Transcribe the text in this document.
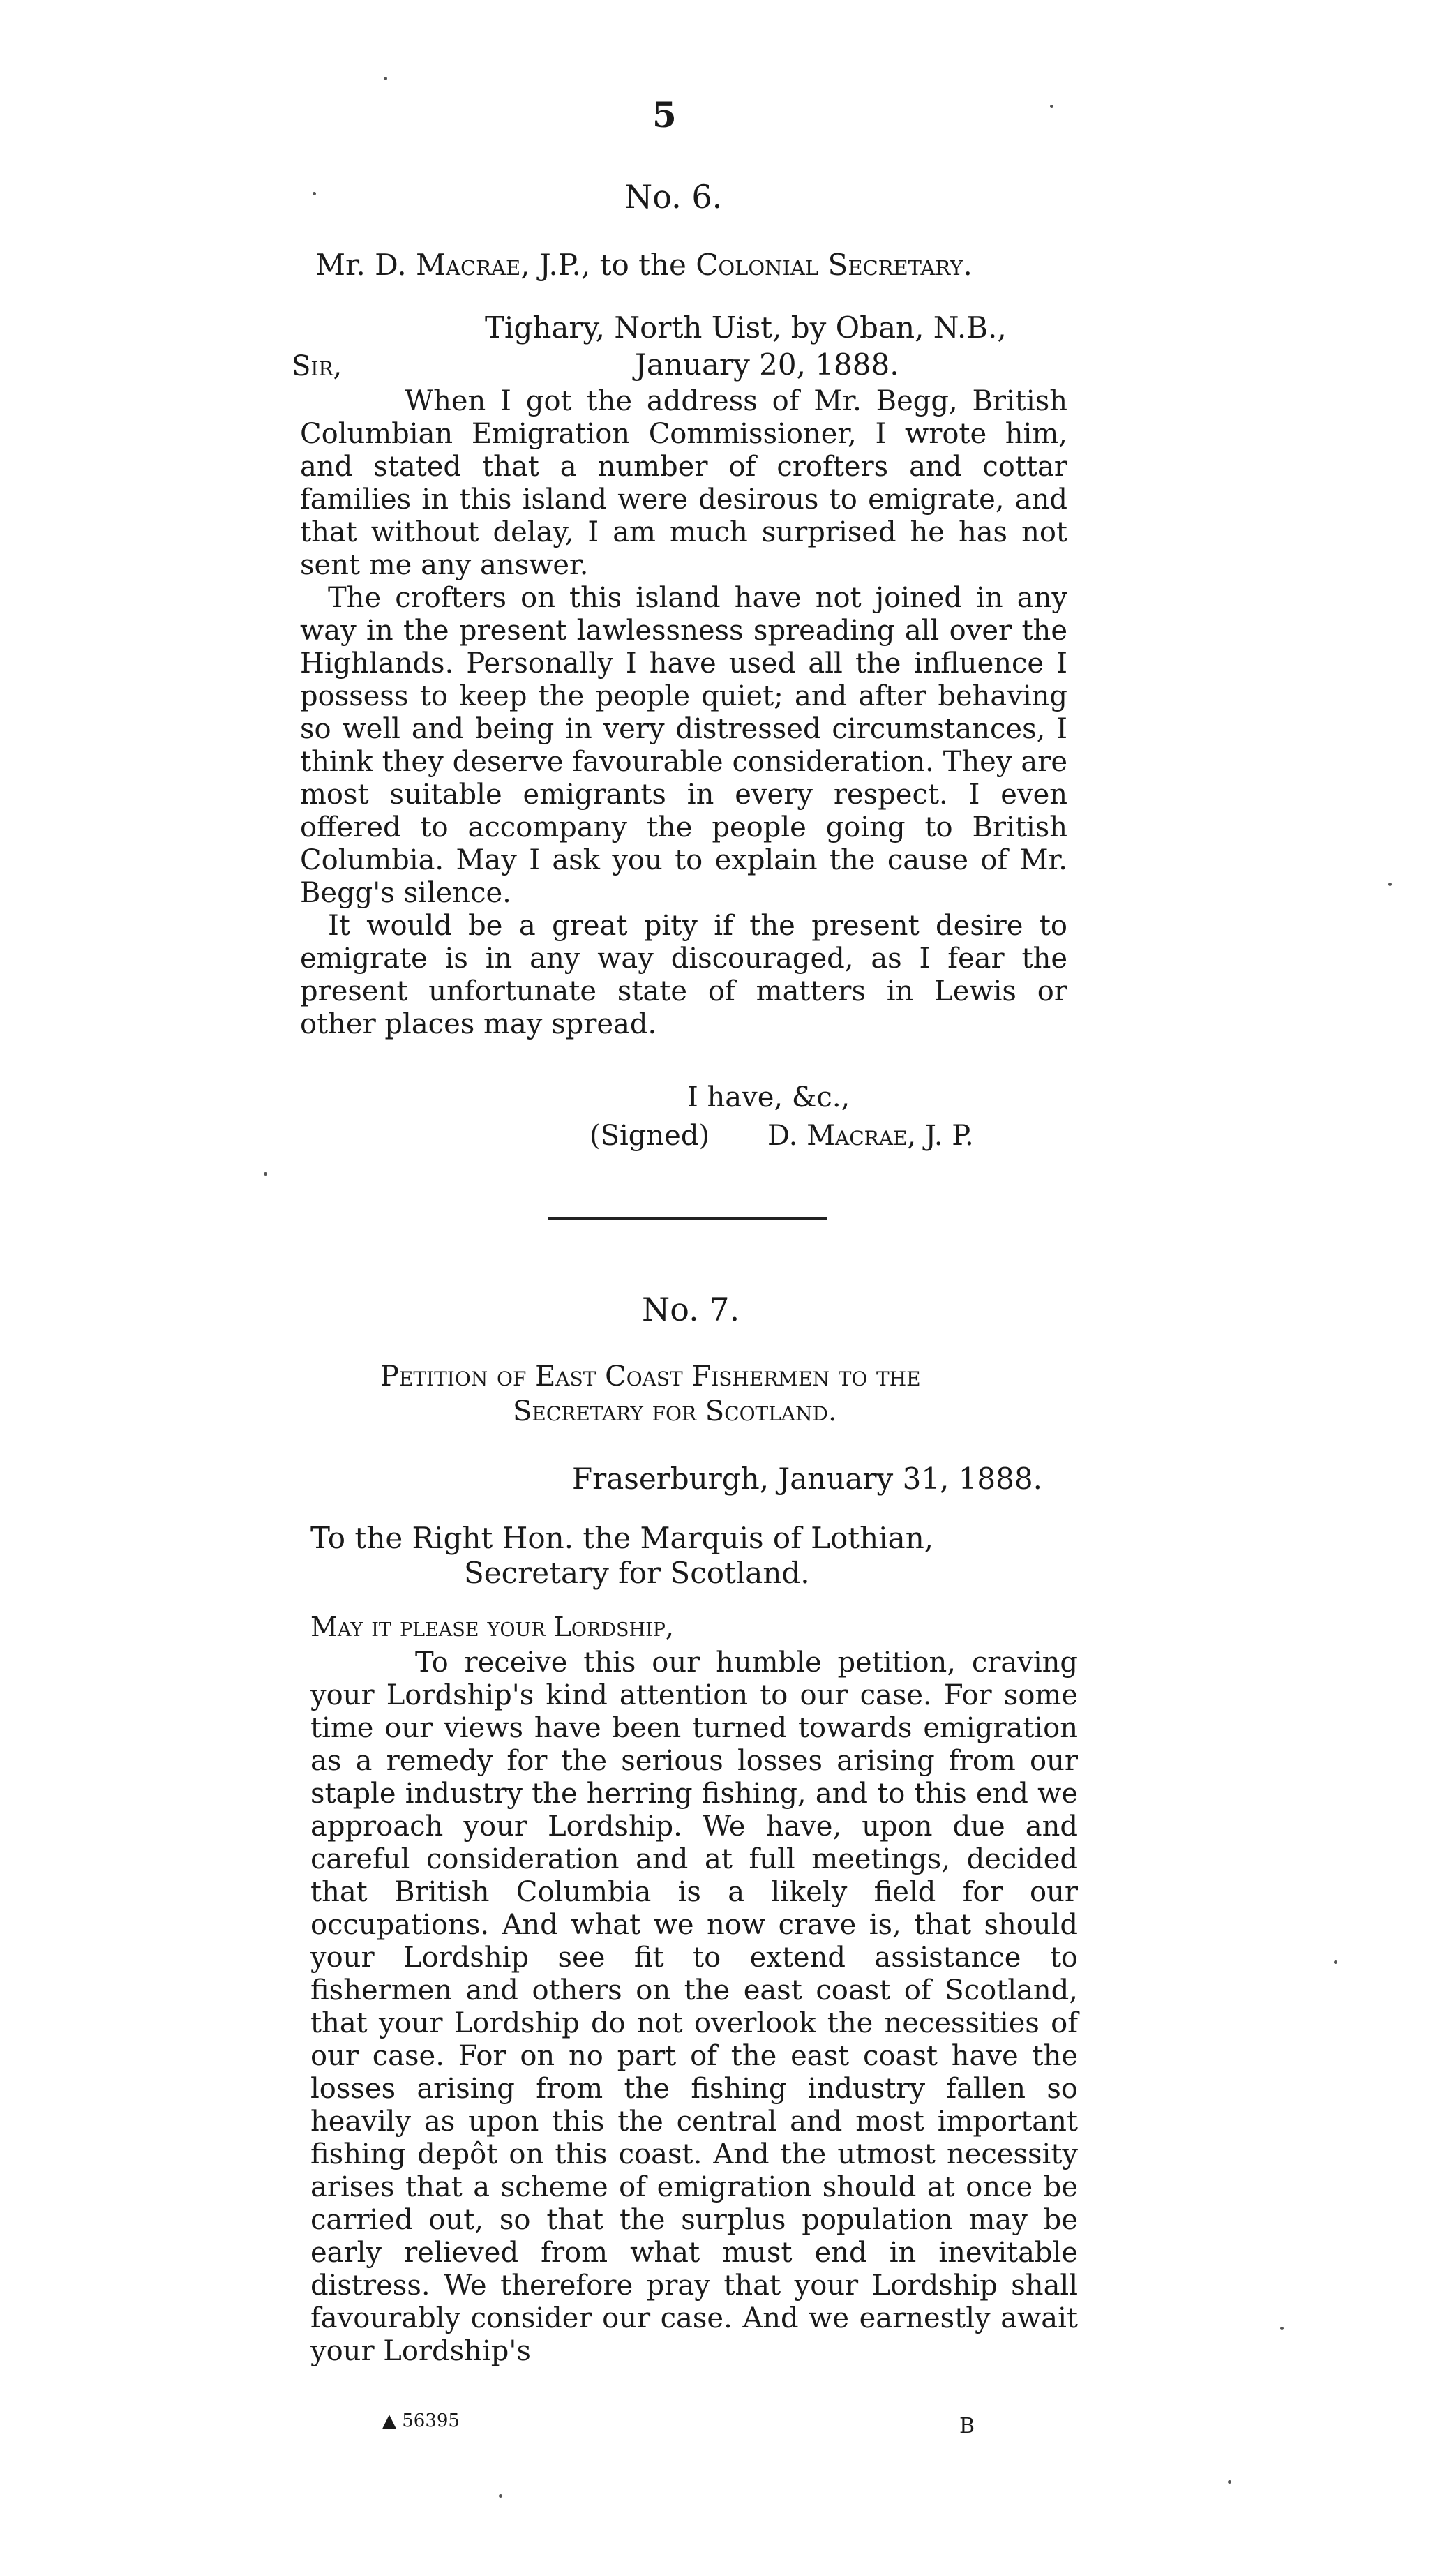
5
No. 6.
Mr. D. Macrae, J.P., to the Colonial Secretary.
Tighary, North Uist, by Oban, N.B.,
Sir,	January 20, 1888.

When I got the address of Mr. Begg, British Columbian Emigration Commissioner, I wrote him, and stated that a number of crofters and cottar families in this island were desirous to emigrate, and that without delay, I am much surprised he has not sent me any answer.

The crofters on this island have not joined in any way in the present lawlessness spreading all over the Highlands. Personally I have used all the influence I possess to keep the people quiet; and after behaving so well and being in very distressed circumstances, I think they deserve favourable consideration. They are most suitable emigrants in every respect. I even offered to accompany the people going to British Columbia. May I ask you to explain the cause of Mr. Begg's silence.

It would be a great pity if the present desire to emigrate is in any way discouraged, as I fear the present unfortunate state of matters in Lewis or other places may spread.

I have, &c.,
(Signed) D. Macrae, J. P.
No. 7.
Petition of East Coast Fishermen to the
Secretary for Scotland.
Fraserburgh, January 31, 1888.
To the Right Hon. the Marquis of Lothian,
Secretary for Scotland.
May it please your Lordship,

To receive this our humble petition, craving your Lordship's kind attention to our case. For some time our views have been turned towards emigration as a remedy for the serious losses arising from our staple industry the herring fishing, and to this end we approach your Lordship. We have, upon due and careful consideration and at full meetings, decided that British Columbia is a likely field for our occupations. And what we now crave is, that should your Lordship see fit to extend assistance to fishermen and others on the east coast of Scotland, that your Lordship do not overlook the necessities of our case. For on no part of the east coast have the losses arising from the fishing industry fallen so heavily as upon this the central and most important fishing depôt on this coast. And the utmost necessity arises that a scheme of emigration should at once be carried out, so that the surplus population may be early relieved from what must end in inevitable distress. We therefore pray that your Lordship shall favourably consider our case. And we earnestly await your Lordship's

▲ 56395	B
